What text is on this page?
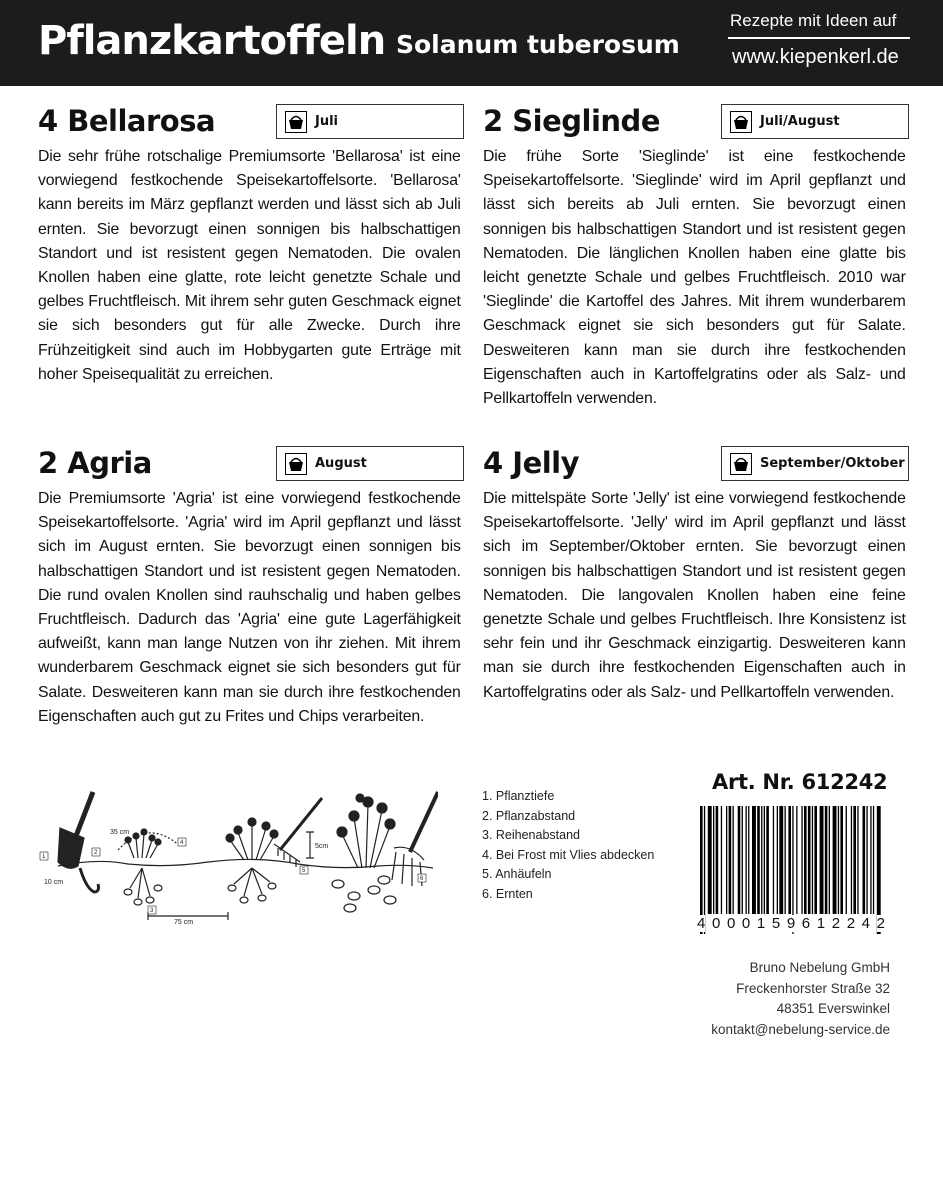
Pflanzkartoffeln Solanum tuberosum
Rezepte mit Ideen auf
www.kiepenkerl.de
4 Bellarosa	Juli
Die sehr frühe rotschalige Premiumsorte 'Bellarosa' ist eine vorwiegend festkochende Speisekartoffelsorte. 'Bellarosa' kann bereits im März gepflanzt werden und lässt sich ab Juli ernten. Sie bevorzugt einen sonnigen bis halbschattigen Standort und ist resistent gegen Nematoden. Die ovalen Knollen haben eine glatte, rote leicht genetzte Schale und gelbes Fruchtfleisch. Mit ihrem sehr guten Geschmack eignet sie sich besonders gut für alle Zwecke. Durch ihre Frühzeitigkeit sind auch im Hobbygarten gute Erträge mit hoher Speisequalität zu erreichen.
2 Sieglinde	Juli/August
Die frühe Sorte 'Sieglinde' ist eine festkochende Speisekartoffelsorte. 'Sieglinde' wird im April gepflanzt und lässt sich bereits ab Juli ernten. Sie bevorzugt einen sonnigen bis halbschattigen Standort und ist resistent gegen Nematoden. Die länglichen Knollen haben eine glatte bis leicht genetzte Schale und gelbes Fruchtfleisch. 2010 war 'Sieglinde' die Kartoffel des Jahres. Mit ihrem wunderbarem Geschmack eignet sie sich besonders gut für Salate. Desweiteren kann man sie durch ihre festkochenden Eigenschaften auch in Kartoffelgratins oder als Salz- und Pellkartoffeln verwenden.
2 Agria	August
Die Premiumsorte 'Agria' ist eine vorwiegend festkochende Speisekartoffelsorte. 'Agria' wird im April gepflanzt und lässt sich im August ernten. Sie bevorzugt einen sonnigen bis halbschattigen Standort und ist resistent gegen Nematoden. Die rund ovalen Knollen sind rauhschalig und haben gelbes Fruchtfleisch. Dadurch das 'Agria' eine gute Lagerfähigkeit aufweißt, kann man lange Nutzen von ihr ziehen. Mit ihrem wunderbarem Geschmack eignet sie sich besonders gut für Salate. Desweiteren kann man sie durch ihre festkochenden Eigenschaften auch gut zu Frites und Chips verarbeiten.
4 Jelly	September/Oktober
Die mittelspäte Sorte 'Jelly' ist eine vorwiegend festkochende Speisekartoffelsorte. 'Jelly' wird im April gepflanzt und lässt sich im September/Oktober ernten. Sie bevorzugt einen sonnigen bis halbschattigen Standort und ist resistent gegen Nematoden. Die langovalen Knollen haben eine feine genetzte Schale und gelbes Fruchtfleisch. Ihre Konsistenz ist sehr fein und ihr Geschmack einzigartig. Desweiteren kann man sie durch ihre festkochenden Eigenschaften auch in Kartoffelgratins oder als Salz- und Pellkartoffeln verwenden.
10 cm
35 cm
75 cm
5cm
1
2
3
4
5
6
1. Pflanztiefe
2. Pflanzabstand
3. Reihenabstand
4. Bei Frost mit Vlies abdecken
5. Anhäufeln
6. Ernten
Art. Nr. 612242
4 0 0 0 1 5 9 6 1 2 2 4 2
Bruno Nebelung GmbH
Freckenhorster Straße 32
48351 Everswinkel
kontakt@nebelung-service.de
